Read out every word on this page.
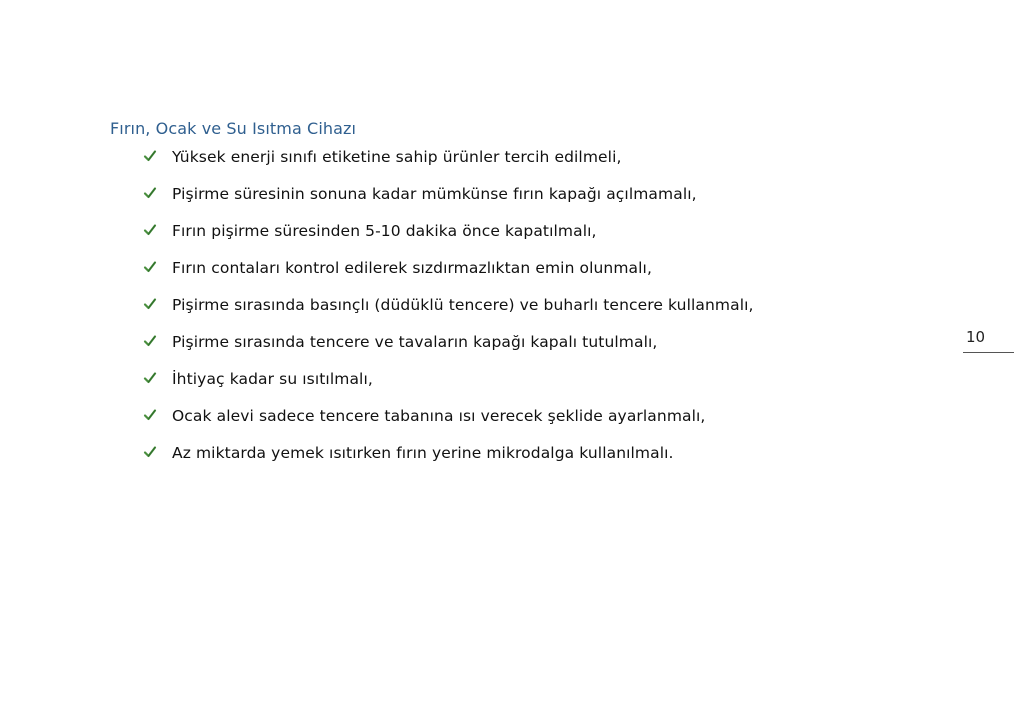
Fırın, Ocak ve Su Isıtma Cihazı
Yüksek enerji sınıfı etiketine sahip ürünler tercih edilmeli,
Pişirme süresinin sonuna kadar mümkünse fırın kapağı açılmamalı,
Fırın pişirme süresinden 5-10 dakika önce kapatılmalı,
Fırın contaları kontrol edilerek sızdırmazlıktan emin olunmalı,
Pişirme sırasında basınçlı (düdüklü tencere) ve buharlı tencere kullanmalı,
Pişirme sırasında tencere ve tavaların kapağı kapalı tutulmalı,
İhtiyaç kadar su ısıtılmalı,
Ocak alevi sadece tencere tabanına ısı verecek şeklide ayarlanmalı,
Az miktarda yemek ısıtırken fırın yerine mikrodalga kullanılmalı.
10
